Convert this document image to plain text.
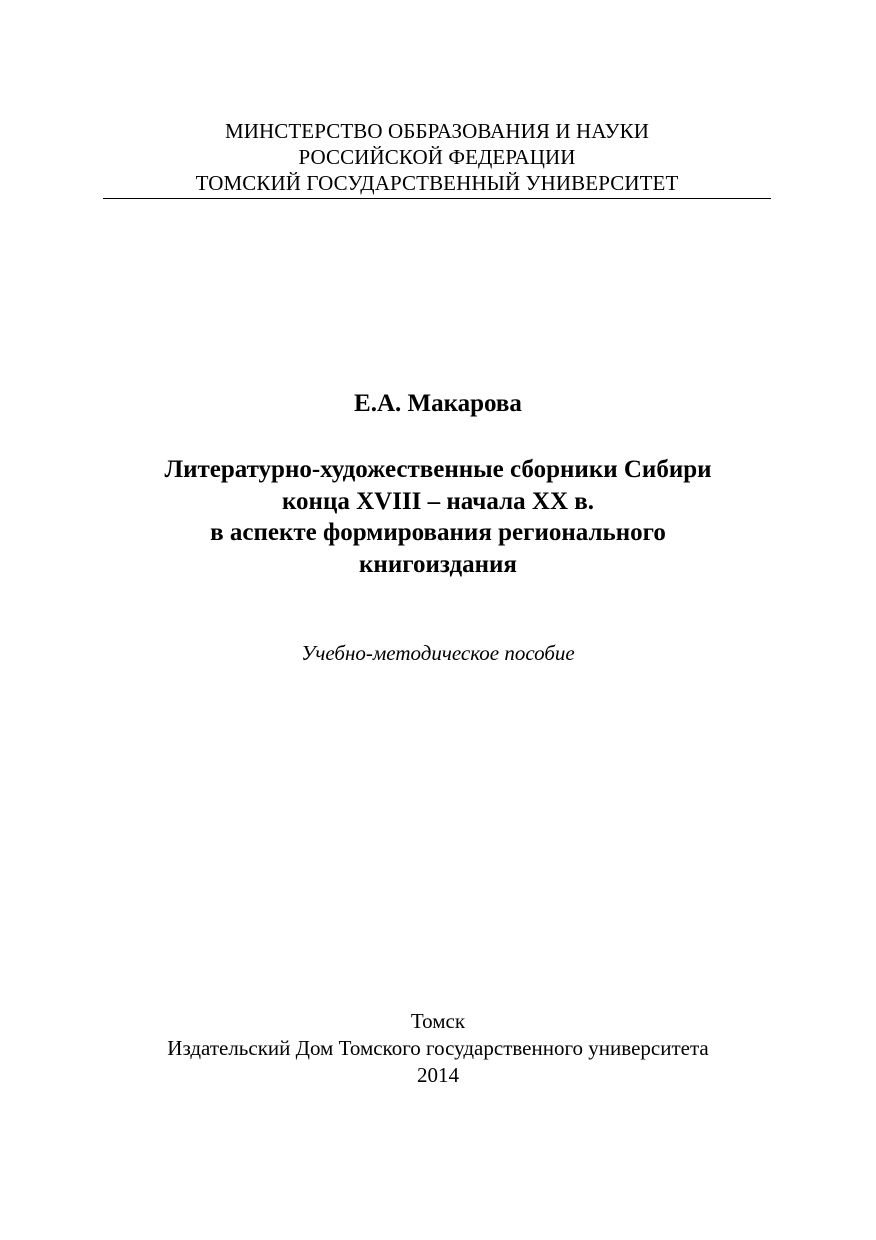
МИНСТЕРСТВО ОББРАЗОВАНИЯ И НАУКИ
РОССИЙСКОЙ ФЕДЕРАЦИИ
ТОМСКИЙ ГОСУДАРСТВЕННЫЙ УНИВЕРСИТЕТ
Е.А. Макарова
Литературно-художественные сборники Сибири
конца XVIII – начала XX в.
в аспекте формирования регионального
книгоиздания
Учебно-методическое пособие
Томск
Издательский Дом Томского государственного университета
2014
